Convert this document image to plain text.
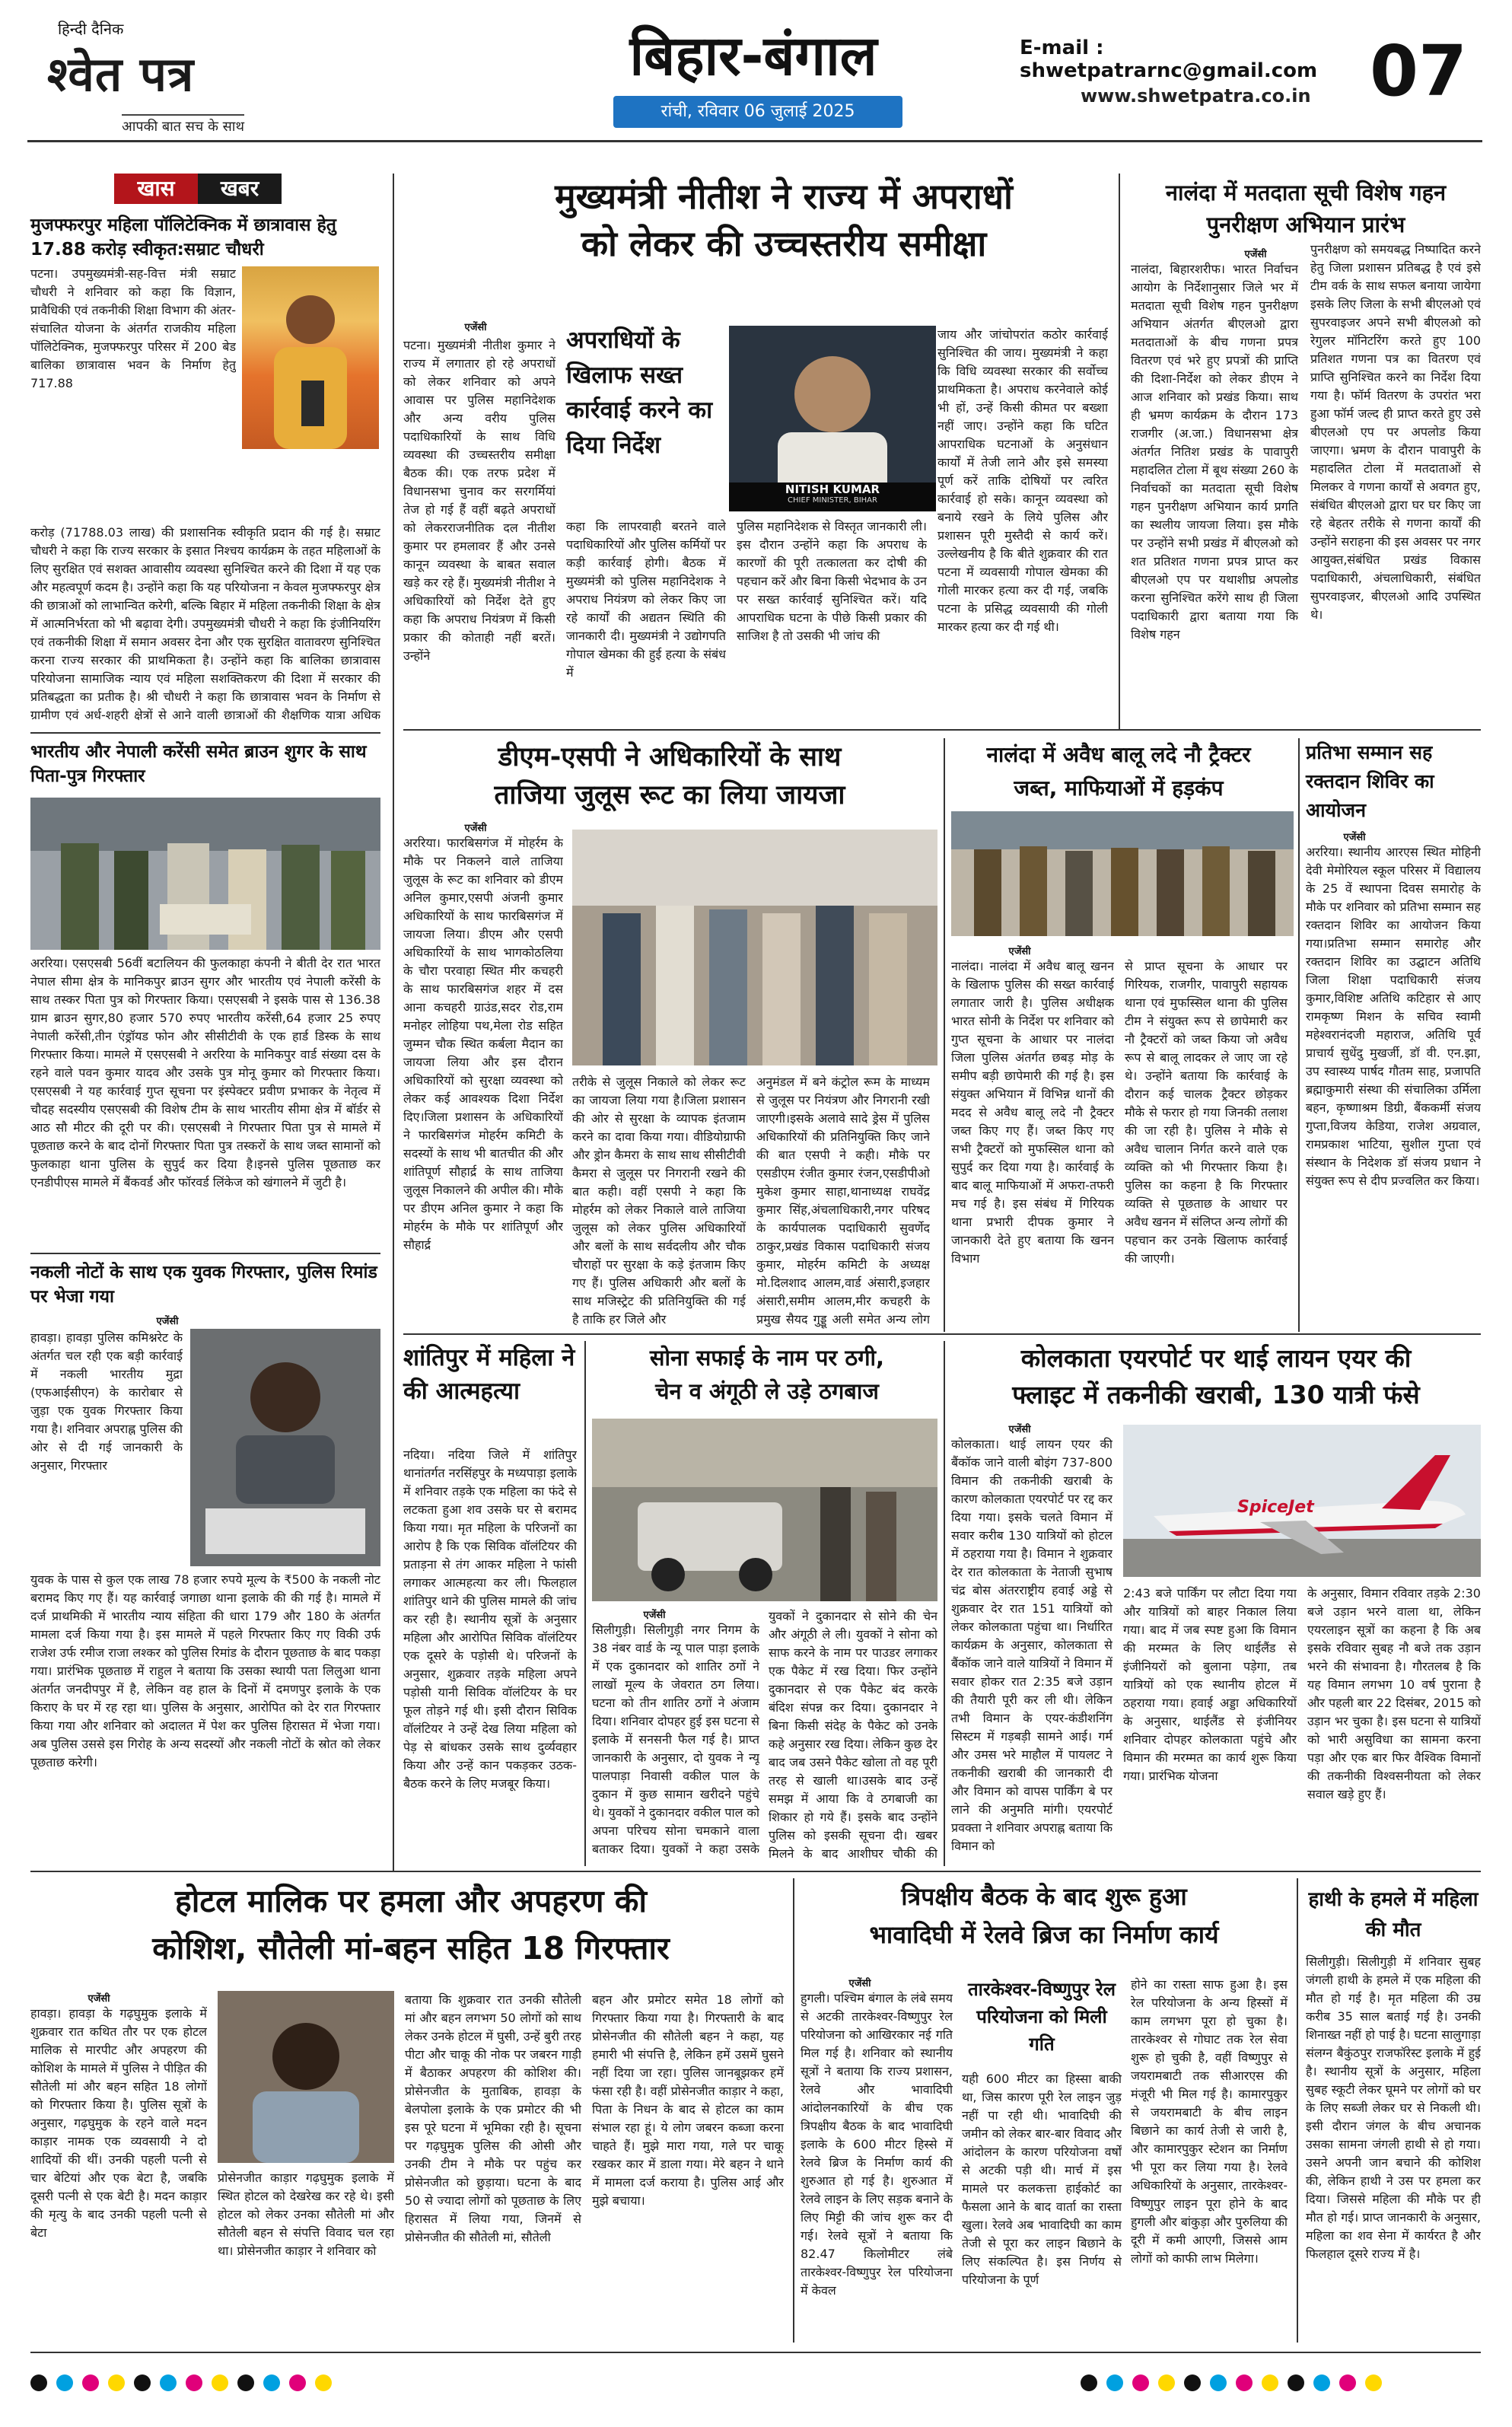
हिन्दी दैनिक
श्वेत पत्र
आपकी बात सच के साथ
बिहार-बंगाल
रांची, रविवार 06 जुलाई 2025
E-mail : shwetpatrarnc@gmail.com
www.shwetpatra.co.in 07
खास	खबर
मुजफ्फरपुर महिला पॉलिटेक्निक में छात्रावास हेतु 17.88 करोड़ स्वीकृत:सम्राट चौधरी
पटना। उपमुख्यमंत्री-सह-वित्त मंत्री सम्राट चौधरी ने शनिवार को कहा कि विज्ञान, प्रावैधिकी एवं तकनीकी शिक्षा विभाग की अंतर-संचालित योजना के अंतर्गत राजकीय महिला पॉलिटेक्निक, मुजफ्फरपुर परिसर में 200 बेड बालिका छात्रावास भवन के निर्माण हेतु 717.88
करोड़ (71788.03 लाख) की प्रशासनिक स्वीकृति प्रदान की गई है। सम्राट चौधरी ने कहा कि राज्य सरकार के इसात निश्चय कार्यक्रम के तहत महिलाओं के लिए सुरक्षित एवं सशक्त आवासीय व्यवस्था सुनिश्चित करने की दिशा में यह एक और महत्वपूर्ण कदम है। उन्होंने कहा कि यह परियोजना न केवल मुजफ्फरपुर क्षेत्र की छात्राओं को लाभान्वित करेगी, बल्कि बिहार में महिला तकनीकी शिक्षा के क्षेत्र में आत्मनिर्भरता को भी बढ़ावा देगी। उपमुख्यमंत्री चौधरी ने कहा कि इंजीनियरिंग एवं तकनीकी शिक्षा में समान अवसर देना और एक सुरक्षित वातावरण सुनिश्चित करना राज्य सरकार की प्राथमिकता है। उन्होंने कहा कि बालिका छात्रावास परियोजना सामाजिक न्याय एवं महिला सशक्तिकरण की दिशा में सरकार की प्रतिबद्धता का प्रतीक है। श्री चौधरी ने कहा कि छात्रावास भवन के निर्माण से ग्रामीण एवं अर्ध-शहरी क्षेत्रों से आने वाली छात्राओं की शैक्षणिक यात्रा अधिक
भारतीय और नेपाली करेंसी समेत ब्राउन शुगर के साथ पिता-पुत्र गिरफ्तार
अररिया। एसएसबी 56वीं बटालियन की फुलकाहा कंपनी ने बीती देर रात भारत नेपाल सीमा क्षेत्र के मानिकपुर ब्राउन सुगर और भारतीय एवं नेपाली करेंसी के साथ तस्कर पिता पुत्र को गिरफ्तार किया। एसएसबी ने इसके पास से 136.38 ग्राम ब्राउन सुगर,80 हजार 570 रुपए भारतीय करेंसी,64 हजार 25 रुपए नेपाली करेंसी,तीन एंड्रॉयड फोन और सीसीटीवी के एक हार्ड डिस्क के साथ गिरफ्तार किया। मामले में एसएसबी ने अररिया के मानिकपुर वार्ड संख्या दस के रहने वाले पवन कुमार यादव और उसके पुत्र मोनू कुमार को गिरफ्तार किया।एसएसबी ने यह कार्रवाई गुप्त सूचना पर इंस्पेक्टर प्रवीण प्रभाकर के नेतृत्व में चौदह सदस्यीय एसएसबी की विशेष टीम के साथ भारतीय सीमा क्षेत्र में बॉर्डर से आठ सौ मीटर की दूरी पर की। एसएसबी ने गिरफ्तार पिता पुत्र से मामले में पूछताछ करने के बाद दोनों गिरफ्तार पिता पुत्र तस्करों के साथ जब्त सामानों को फुलकाहा थाना पुलिस के सुपुर्द कर दिया है।इनसे पुलिस पूछताछ कर एनडीपीएस मामले में बैंकवर्ड और फॉरवर्ड लिंकेज को खंगालने में जुटी है।
नकली नोटों के साथ एक युवक गिरफ्तार, पुलिस रिमांड पर भेजा गया
एजेंसी
हावड़ा। हावड़ा पुलिस कमिश्नरेट के अंतर्गत चल रही एक बड़ी कार्रवाई में नकली भारतीय मुद्रा (एफआईसीएन) के कारोबार से जुड़ा एक युवक गिरफ्तार किया गया है। शनिवार अपराह्न पुलिस की ओर से दी गई जानकारी के अनुसार, गिरफ्तार
युवक के पास से कुल एक लाख 78 हजार रुपये मूल्य के ₹500 के नकली नोट बरामद किए गए हैं। यह कार्रवाई जगाछा थाना इलाके की की गई है। मामले में दर्ज प्राथमिकी में भारतीय न्याय संहिता की धारा 179 और 180 के अंतर्गत मामला दर्ज किया गया है। इस मामले में पहले गिरफ्तार किए गए विकी उर्फ राजेश उर्फ रमीज राजा लश्कर को पुलिस रिमांड के दौरान पूछताछ के बाद पकड़ा गया। प्रारंभिक पूछताछ में राहुल ने बताया कि उसका स्थायी पता लिलुआ थाना अंतर्गत जनदीपपुर में है, लेकिन वह हाल के दिनों में दमणपुर इलाके के एक किराए के घर में रह रहा था। पुलिस के अनुसार, आरोपित को देर रात गिरफ्तार किया गया और शनिवार को अदालत में पेश कर पुलिस हिरासत में भेजा गया। अब पुलिस उससे इस गिरोह के अन्य सदस्यों और नकली नोटों के स्रोत को लेकर पूछताछ करेगी।
मुख्यमंत्री नीतीश ने राज्य में अपराधों
को लेकर की उच्चस्तरीय समीक्षा
एजेंसी
पटना। मुख्यमंत्री नीतीश कुमार ने राज्य में लगातार हो रहे अपराधों को लेकर शनिवार को अपने आवास पर पुलिस महानिदेशक और अन्य वरीय पुलिस पदाधिकारियों के साथ विधि व्यवस्था की उच्चस्तरीय समीक्षा बैठक की। एक तरफ प्रदेश में विधानसभा चुनाव कर सरगर्मियां तेज हो गई हैं वहीं बढ़ते अपराधों को लेकरराजनीतिक दल नीतीश कुमार पर हमलावर हैं और उनसे कानून व्यवस्था के बाबत सवाल खड़े कर रहे हैं। मुख्यमंत्री नीतीश ने अधिकारियों को निर्देश देते हुए कहा कि अपराध नियंत्रण में किसी प्रकार की कोताही नहीं बरतें। उन्होंने
अपराधियों के खिलाफ सख्त कार्रवाई करने का दिया निर्देश
NITISH KUMAR
CHIEF MINISTER, BIHAR
कहा कि लापरवाही बरतने वाले पदाधिकारियों और पुलिस कर्मियों पर कड़ी कार्रवाई होगी। बैठक में मुख्यमंत्री को पुलिस महानिदेशक ने अपराध नियंत्रण को लेकर किए जा रहे कार्यों की अद्यतन स्थिति की जानकारी दी। मुख्यमंत्री ने उद्योगपति गोपाल खेमका की हुई हत्या के संबंध में
पुलिस महानिदेशक से विस्तृत जानकारी ली। इस दौरान उन्होंने कहा कि अपराध के कारणों की पूरी तत्कालता कर दोषी की पहचान करें और बिना किसी भेदभाव के उन पर सख्त कार्रवाई सुनिश्चित करें। यदि आपराधिक घटना के पीछे किसी प्रकार की साजिश है तो उसकी भी जांच की
जाय और जांचोपरांत कठोर कार्रवाई सुनिश्चित की जाय। मुख्यमंत्री ने कहा कि विधि व्यवस्था सरकार की सर्वोच्च प्राथमिकता है। अपराध करनेवाले कोई भी हों, उन्हें किसी कीमत पर बख्शा नहीं जाए। उन्होंने कहा कि घटित आपराधिक घटनाओं के अनुसंधान कार्यों में तेजी लाने और इसे समस्या पूर्ण करें ताकि दोषियों पर त्वरित कार्रवाई हो सके। कानून व्यवस्था को बनाये रखने के लिये पुलिस और प्रशासन पूरी मुस्तैदी से कार्य करें। उल्लेखनीय है कि बीते शुक्रवार की रात पटना में व्यवसायी गोपाल खेमका की गोली मारकर हत्या कर दी गई, जबकि पटना के प्रसिद्ध व्यवसायी की गोली मारकर हत्या कर दी गई थी।
नालंदा में मतदाता सूची विशेष गहन पुनरीक्षण अभियान प्रारंभ
एजेंसी
नालंदा, बिहारशरीफ। भारत निर्वाचन आयोग के निर्देशानुसार जिले भर में मतदाता सूची विशेष गहन पुनरीक्षण अभियान अंतर्गत बीएलओ द्वारा मतदाताओं के बीच गणना प्रपत्र वितरण एवं भरे हुए प्रपत्रों की प्राप्ति की दिशा-निर्देश को लेकर डीएम ने आज शनिवार को प्रखंड किया। साथ ही भ्रमण कार्यक्रम के दौरान 173 राजगीर (अ.जा.) विधानसभा क्षेत्र अंतर्गत नितिश प्रखंड के पावापुरी महादलित टोला में बूथ संख्या 260 के निर्वाचकों का मतदाता सूची विशेष गहन पुनरीक्षण अभियान कार्य प्रगति का स्थलीय जायजा लिया। इस मौके पर उन्होंने सभी प्रखंड में बीएलओ को शत प्रतिशत गणना प्रपत्र प्राप्त कर बीएलओ एप पर यथाशीघ्र अपलोड करना सुनिश्चित करेंगे साथ ही जिला पदाधिकारी द्वारा बताया गया कि विशेष गहन
पुनरीक्षण को समयबद्ध निष्पादित करने हेतु जिला प्रशासन प्रतिबद्ध है एवं इसे टीम वर्क के साथ सफल बनाया जायेगा इसके लिए जिला के सभी बीएलओ एवं सुपरवाइजर अपने सभी बीएलओ को रेगुलर मॉनिटरिंग करते हुए 100 प्रतिशत गणना पत्र का वितरण एवं प्राप्ति सुनिश्चित करने का निर्देश दिया गया है। फॉर्म वितरण के उपरांत भरा हुआ फॉर्म जल्द ही प्राप्त करते हुए उसे बीएलओ एप पर अपलोड किया जाएगा। भ्रमण के दौरान पावापुरी के महादलित टोला में मतदाताओं से मिलकर वे गणना कार्यों से अवगत हुए, संबंधित बीएलओ द्वारा घर घर किए जा रहे बेहतर तरीके से गणना कार्यों की उन्होंने सराहना की इस अवसर पर नगर आयुक्त,संबंधित प्रखंड विकास पदाधिकारी, अंचलाधिकारी, संबंधित सुपरवाइजर, बीएलओ आदि उपस्थित थे।
डीएम-एसपी ने अधिकारियों के साथ
ताजिया जुलूस रूट का लिया जायजा
एजेंसी
अररिया। फारबिसगंज में मोहर्रम के मौके पर निकलने वाले ताजिया जुलूस के रूट का शनिवार को डीएम अनिल कुमार,एसपी अंजनी कुमार अधिकारियों के साथ फारबिसगंज में जायजा लिया। डीएम और एसपी अधिकारियों के साथ भागकोठलिया के चौरा परवाहा स्थित मीर कचहरी के साथ फारबिसगंज शहर में दस आना कचहरी ग्राउंड,सदर रोड,राम मनोहर लोहिया पथ,मेला रोड सहित जुम्मन चौक स्थित कर्बला मैदान का जायजा लिया और इस दौरान अधिकारियों को सुरक्षा व्यवस्था को लेकर कई आवश्यक दिशा निर्देश दिए।जिला प्रशासन के अधिकारियों ने फारबिसगंज मोहर्रम कमिटी के सदस्यों के साथ भी बातचीत की और शांतिपूर्ण सौहार्द्र के साथ ताजिया जुलूस निकालने की अपील की। मौके पर डीएम अनिल कुमार ने कहा कि मोहर्रम के मौके पर शांतिपूर्ण और सौहार्द्र
तरीके से जुलूस निकाले को लेकर रूट का जायजा लिया गया है।जिला प्रशासन की ओर से सुरक्षा के व्यापक इंतजाम करने का दावा किया गया। वीडियोग्राफी और ड्रोन कैमरा के साथ साथ सीसीटीवी कैमरा से जुलूस पर निगरानी रखने की बात कही। वहीं एसपी ने कहा कि मोहर्रम को लेकर निकाले वाले ताजिया जुलूस को लेकर पुलिस अधिकारियों और बलों के साथ सर्वदलीय और चौक चौराहों पर सुरक्षा के कड़े इंतजाम किए गए हैं। पुलिस अधिकारी और बलों के साथ मजिस्ट्रेट की प्रतिनियुक्ति की गई है ताकि हर जिले और
अनुमंडल में बने कंट्रोल रूम के माध्यम से जुलूस पर नियंत्रण और निगरानी रखी जाएगी।इसके अलावे सादे ड्रेस में पुलिस अधिकारियों की प्रतिनियुक्ति किए जाने की बात एसपी ने कही। मौके पर एसडीएम रंजीत कुमार रंजन,एसडीपीओ मुकेश कुमार साहा,थानाध्यक्ष राघवेंद्र कुमार सिंह,अंचलाधिकारी,नगर परिषद के कार्यपालक पदाधिकारी सुवर्णेद ठाकुर,प्रखंड विकास पदाधिकारी संजय कुमार, मोहर्रम कमिटी के अध्यक्ष मो.दिलशाद आलम,वार्ड अंसारी,इजहार अंसारी,समीम आलम,मीर कचहरी के प्रमुख सैयद गुड्डू अली समेत अन्य लोग
नालंदा में अवैध बालू लदे नौ ट्रैक्टर
जब्त, माफियाओं में हड़कंप
एजेंसी
नालंदा। नालंदा में अवैध बालू खनन के खिलाफ पुलिस की सख्त कार्रवाई लगातार जारी है। पुलिस अधीक्षक भारत सोनी के निर्देश पर शनिवार को गुप्त सूचना के आधार पर नालंदा जिला पुलिस अंतर्गत छबड़ मोड़ के समीप बड़ी छापेमारी की गई है। इस संयुक्त अभियान में विभिन्न थानों की मदद से अवैध बालू लदे नौ ट्रैक्टर जब्त किए गए हैं। जब्त किए गए सभी ट्रैक्टरों को मुफस्सिल थाना को सुपुर्द कर दिया गया है। कार्रवाई के बाद बालू माफियाओं में अफरा-तफरी मच गई है। इस संबंध में गिरियक थाना प्रभारी दीपक कुमार ने जानकारी देते हुए बताया कि खनन विभाग
से प्राप्त सूचना के आधार पर गिरियक, राजगीर, पावापुरी सहायक थाना एवं मुफस्सिल थाना की पुलिस टीम ने संयुक्त रूप से छापेमारी कर नौ ट्रैक्टरों को जब्त किया जो अवैध रूप से बालू लादकर ले जाए जा रहे थे। उन्होंने बताया कि कार्रवाई के दौरान कई चालक ट्रैक्टर छोड़कर मौके से फरार हो गया जिनकी तलाश की जा रही है। पुलिस ने मौके से अवैध चालान निर्गत करने वाले एक व्यक्ति को भी गिरफ्तार किया है। पुलिस का कहना है कि गिरफ्तार व्यक्ति से पूछताछ के आधार पर अवैध खनन में संलिप्त अन्य लोगों की पहचान कर उनके खिलाफ कार्रवाई की जाएगी।
प्रतिभा सम्मान सह रक्तदान शिविर का आयोजन
एजेंसी
अररिया। स्थानीय आरएस स्थित मोहिनी देवी मेमोरियल स्कूल परिसर में विद्यालय के 25 वें स्थापना दिवस समारोह के मौके पर शनिवार को प्रतिभा सम्मान सह रक्तदान शिविर का आयोजन किया गया।प्रतिभा सम्मान समारोह और रक्तदान शिविर का उद्घाटन अतिथि जिला शिक्षा पदाधिकारी संजय कुमार,विशिष्ट अतिथि कटिहार से आए रामकृष्ण मिशन के सचिव स्वामी महेश्वरानंदजी महाराज, अतिथि पूर्व प्राचार्य सुधेंदु मुखर्जी, डॉ वी. एन.झा, उप स्वास्थ्य पार्षद गौतम साह, प्रजापति ब्रह्माकुमारी संस्था की संचालिका उर्मिला बहन, कृष्णाश्रम डिग्री, बैंककर्मी संजय गुप्ता,विजय केडिया, राजेश अग्रवाल, रामप्रकाश भाटिया, सुशील गुप्ता एवं संस्थान के निदेशक डॉ संजय प्रधान ने संयुक्त रूप से दीप प्रज्वलित कर किया।
शांतिपुर में महिला ने की आत्महत्या
नदिया। नदिया जिले में शांतिपुर थानांतर्गत नरसिंहपुर के मध्यपाड़ा इलाके में शनिवार तड़के एक महिला का फंदे से लटकता हुआ शव उसके घर से बरामद किया गया। मृत महिला के परिजनों का आरोप है कि एक सिविक वॉलंटियर की प्रताड़ना से तंग आकर महिला ने फांसी लगाकर आत्महत्या कर ली। फिलहाल शांतिपुर थाने की पुलिस मामले की जांच कर रही है। स्थानीय सूत्रों के अनुसार महिला और आरोपित सिविक वॉलंटियर एक दूसरे के पड़ोसी थे। परिजनों के अनुसार, शुक्रवार तड़के महिला अपने पड़ोसी यानी सिविक वॉलंटियर के घर फूल तोड़ने गई थी। इसी दौरान सिविक वॉलंटियर ने उन्हें देख लिया महिला को पेड़ से बांधकर उसके साथ दुर्व्यवहार किया और उन्हें कान पकड़कर उठक-बैठक करने के लिए मजबूर किया।
सोना सफाई के नाम पर ठगी,
चेन व अंगूठी ले उड़े ठगबाज
एजेंसी
सिलीगुड़ी। सिलीगुड़ी नगर निगम के 38 नंबर वार्ड के न्यू पाल पाड़ा इलाके में एक दुकानदार को शातिर ठगों ने लाखों मूल्य के जेवरात ठग लिया। घटना को तीन शातिर ठगों ने अंजाम दिया। शनिवार दोपहर हुई इस घटना से इलाके में सनसनी फैल गई है। प्राप्त जानकारी के अनुसार, दो युवक ने न्यू पालपाड़ा निवासी वकील पाल के दुकान में कुछ सामान खरीदने पहुंचे थे। युवकों ने दुकानदार वकील पाल को अपना परिचय सोना चमकाने वाला बताकर दिया। युवकों ने कहा उसके
युवकों ने दुकानदार से सोने की चेन और अंगूठी ले ली। युवकों ने सोना को साफ करने के नाम पर पाउडर लगाकर एक पैकेट में रख दिया। फिर उन्होंने दुकानदार से एक पैकेट बंद करके बंदिश संपन्न कर दिया। दुकानदार ने बिना किसी संदेह के पैकेट को उनके कहे अनुसार रख दिया। लेकिन कुछ देर बाद जब उसने पैकेट खोला तो वह पूरी तरह से खाली था।उसके बाद उन्हें समझ में आया कि वे ठगबाजी का शिकार हो गये हैं। इसके बाद उन्होंने पुलिस को इसकी सूचना दी। खबर मिलने के बाद आशीघर चौकी की
कोलकाता एयरपोर्ट पर थाई लायन एयर की
फ्लाइट में तकनीकी खराबी, 130 यात्री फंसे
एजेंसी
कोलकाता। थाई लायन एयर की बैंकॉक जाने वाली बोइंग 737-800 विमान की तकनीकी खराबी के कारण कोलकाता एयरपोर्ट पर रद्द कर दिया गया। इसके चलते विमान में सवार करीब 130 यात्रियों को होटल में ठहराया गया है। विमान ने शुक्रवार देर रात कोलकाता के नेताजी सुभाष चंद्र बोस अंतरराष्ट्रीय हवाई अड्डे से शुक्रवार देर रात 151 यात्रियों को लेकर कोलकाता पहुंचा था। निर्धारित कार्यक्रम के अनुसार, कोलकाता से बैंकॉक जाने वाले यात्रियों ने विमान में सवार होकर रात 2:35 बजे उड़ान की तैयारी पूरी कर ली थी। लेकिन तभी विमान के एयर-कंडीशनिंग सिस्टम में गड़बड़ी सामने आई। गर्म और उमस भरे माहौल में पायलट ने तकनीकी खराबी की जानकारी दी और विमान को वापस पार्किंग बे पर लाने की अनुमति मांगी। एयरपोर्ट प्रवक्ता ने शनिवार अपराह्न बताया कि विमान को
SpiceJet
2:43 बजे पार्किंग पर लौटा दिया गया और यात्रियों को बाहर निकाल लिया गया। बाद में जब स्पष्ट हुआ कि विमान की मरम्मत के लिए थाईलैंड से इंजीनियरों को बुलाना पड़ेगा, तब यात्रियों को एक स्थानीय होटल में ठहराया गया। हवाई अड्डा अधिकारियों के अनुसार, थाईलैंड से इंजीनियर शनिवार दोपहर कोलकाता पहुंचे और विमान की मरम्मत का कार्य शुरू किया गया। प्रारंभिक योजना
के अनुसार, विमान रविवार तड़के 2:30 बजे उड़ान भरने वाला था, लेकिन एयरलाइन सूत्रों का कहना है कि अब इसके रविवार सुबह नौ बजे तक उड़ान भरने की संभावना है। गौरतलब है कि यह विमान लगभग 10 वर्ष पुराना है और पहली बार 22 दिसंबर, 2015 को उड़ान भर चुका है। इस घटना से यात्रियों को भारी असुविधा का सामना करना पड़ा और एक बार फिर वैश्विक विमानों की तकनीकी विश्वसनीयता को लेकर सवाल खड़े हुए हैं।
होटल मालिक पर हमला और अपहरण की
कोशिश, सौतेली मां-बहन सहित 18 गिरफ्तार
एजेंसी
हावड़ा। हावड़ा के गढ़घुमुक इलाके में शुक्रवार रात कथित तौर पर एक होटल मालिक से मारपीट और अपहरण की कोशिश के मामले में पुलिस ने पीड़ित की सौतेली मां और बहन सहित 18 लोगों को गिरफ्तार किया है। पुलिस सूत्रों के अनुसार, गढ़घुमुक के रहने वाले मदन काड़ार नामक एक व्यवसायी ने दो शादियों की थीं। उनकी पहली पत्नी से चार बेटियां और एक बेटा है, जबकि दूसरी पत्नी से एक बेटी है। मदन काड़ार की मृत्यु के बाद उनकी पहली पत्नी से बेटा
प्रोसेनजीत काड़ार गढ़घुमुक इलाके में स्थित होटल को देखरेख कर रहे थे। इसी होटल को लेकर उनका सौतेली मां और सौतेली बहन से संपत्ति विवाद चल रहा था। प्रोसेनजीत काड़ार ने शनिवार को
बताया कि शुक्रवार रात उनकी सौतेली मां और बहन लगभग 50 लोगों को साथ लेकर उनके होटल में घुसी, उन्हें बुरी तरह पीटा और चाकू की नोक पर जबरन गाड़ी में बैठाकर अपहरण की कोशिश की। प्रोसेनजीत के मुताबिक, हावड़ा के बेलपोला इलाके के एक प्रमोटर की भी इस पूरे घटना में भूमिका रही है। सूचना पर गढ़घुमुक पुलिस की ओसी और उनकी टीम ने मौके पर पहुंच कर प्रोसेनजीत को छुड़ाया। घटना के बाद 50 से ज्यादा लोगों को पूछताछ के लिए हिरासत में लिया गया, जिनमें से प्रोसेनजीत की सौतेली मां, सौतेली
बहन और प्रमोटर समेत 18 लोगों को गिरफ्तार किया गया है। गिरफ्तारी के बाद प्रोसेनजीत की सौतेली बहन ने कहा, यह हमारी भी संपत्ति है, लेकिन हमें उसमें घुसने नहीं दिया जा रहा। पुलिस जानबूझकर हमें फंसा रही है। वहीं प्रोसेनजीत काड़ार ने कहा, पिता के निधन के बाद से होटल का काम संभाल रहा हूं। ये लोग जबरन कब्जा करना चाहते हैं। मुझे मारा गया, गले पर चाकू रखकर कार में डाला गया। मेरे बहन ने थाने में मामला दर्ज कराया है। पुलिस आई और मुझे बचाया।
त्रिपक्षीय बैठक के बाद शुरू हुआ
भावादिघी में रेलवे ब्रिज का निर्माण कार्य
एजेंसी
हुगली। पश्चिम बंगाल के लंबे समय से अटकी तारकेश्वर-विष्णुपुर रेल परियोजना को आखिरकार नई गति मिल गई है। शनिवार को स्थानीय सूत्रों ने बताया कि राज्य प्रशासन, रेलवे और भावादिघी आंदोलनकारियों के बीच एक त्रिपक्षीय बैठक के बाद भावादिघी इलाके के 600 मीटर हिस्से में रेलवे ब्रिज के निर्माण कार्य की शुरुआत हो गई है। शुरुआत में रेलवे लाइन के लिए सड़क बनाने के लिए मिट्टी की जांच शुरू कर दी गई। रेलवे सूत्रों ने बताया कि 82.47 किलोमीटर लंबे तारकेश्वर-विष्णुपुर रेल परियोजना में केवल
तारकेश्वर-विष्णुपुर रेल परियोजना को मिली गति
यही 600 मीटर का हिस्सा बाकी था, जिस कारण पूरी रेल लाइन जुड़ नहीं पा रही थी। भावादिघी की जमीन को लेकर बार-बार विवाद और आंदोलन के कारण परियोजना वर्षों से अटकी पड़ी थी। मार्च में इस मामले पर कलकत्ता हाईकोर्ट का फैसला आने के बाद वार्ता का रास्ता खुला। रेलवे अब भावादिघी का काम तेजी से पूरा कर लाइन बिछाने के लिए संकल्पित है। इस निर्णय से परियोजना के पूर्ण
होने का रास्ता साफ हुआ है। इस रेल परियोजना के अन्य हिस्सों में काम लगभग पूरा हो चुका है। तारकेश्वर से गोघाट तक रेल सेवा शुरू हो चुकी है, वहीं विष्णुपुर से जयरामबाटी तक सीआरएस की मंजूरी भी मिल गई है। कामारपुकुर से जयरामबाटी के बीच लाइन बिछाने का कार्य तेजी से जारी है, और कामारपुकुर स्टेशन का निर्माण भी पूरा कर लिया गया है। रेलवे अधिकारियों के अनुसार, तारकेश्वर-विष्णुपुर लाइन पूरा होने के बाद हुगली और बांकुड़ा और पुरुलिया की दूरी में कमी आएगी, जिससे आम लोगों को काफी लाभ मिलेगा।
हाथी के हमले में महिला की मौत
सिलीगुड़ी। सिलीगुड़ी में शनिवार सुबह जंगली हाथी के हमले में एक महिला की मौत हो गई है। मृत महिला की उम्र करीब 35 साल बताई गई है। उनकी शिनाख्त नहीं हो पाई है। घटना सालुगाड़ा संलग्न बैकुंठपुर राजफॉरेस्ट इलाके में हुई है। स्थानीय सूत्रों के अनुसार, महिला सुबह स्कूटी लेकर घूमने पर लोगों को घर के लिए सब्जी लेकर घर से निकली थी। इसी दौरान जंगल के बीच अचानक उसका सामना जंगली हाथी से हो गया। उसने अपनी जान बचाने की कोशिश की, लेकिन हाथी ने उस पर हमला कर दिया। जिससे महिला की मौके पर ही मौत हो गई। प्राप्त जानकारी के अनुसार, महिला का शव सेना में कार्यरत है और फिलहाल दूसरे राज्य में है।
